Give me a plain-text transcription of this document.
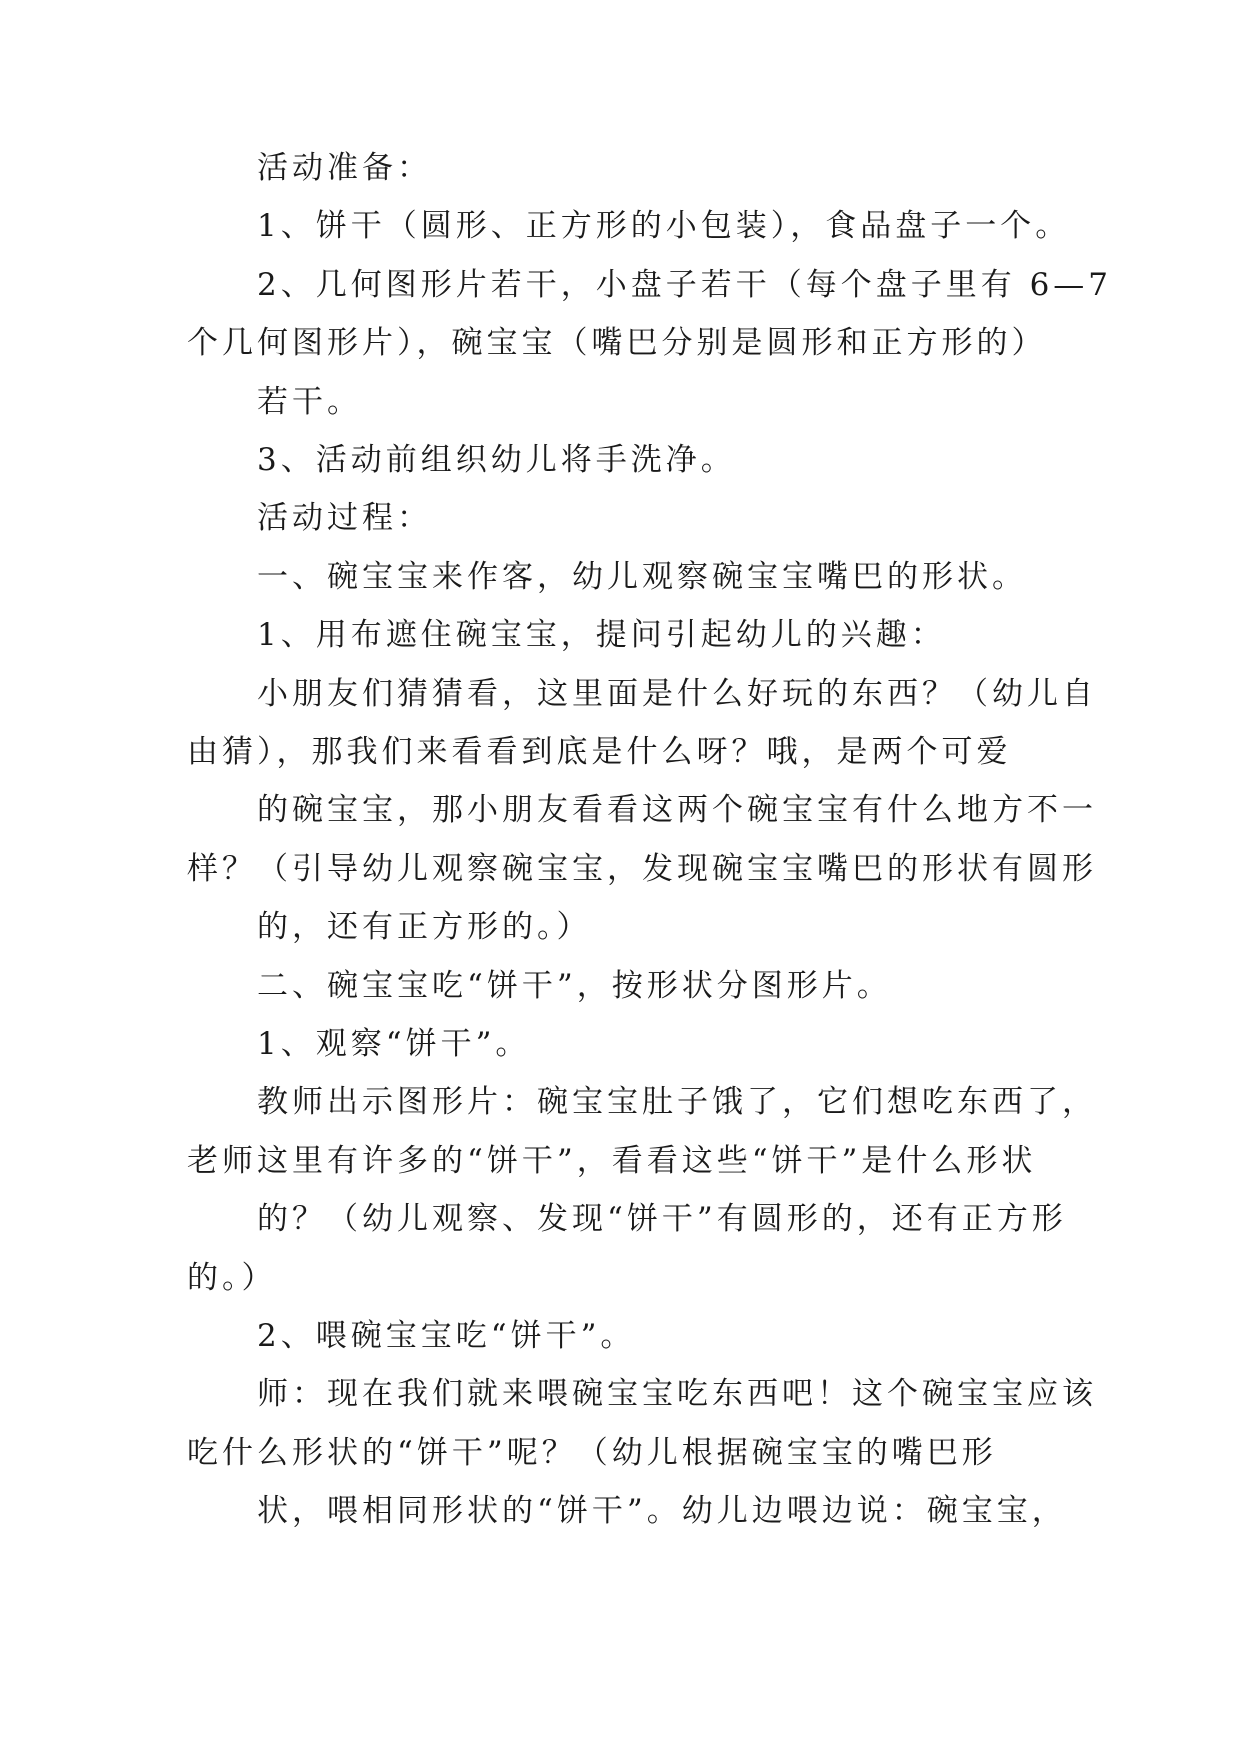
活动准备：
1、饼干（圆形、正方形的小包装），食品盘子一个。
2、几何图形片若干，小盘子若干（每个盘子里有 6—7
个几何图形片），碗宝宝（嘴巴分别是圆形和正方形的）
若干。
3、活动前组织幼儿将手洗净。
活动过程：
一、碗宝宝来作客，幼儿观察碗宝宝嘴巴的形状。
1、用布遮住碗宝宝，提问引起幼儿的兴趣：
小朋友们猜猜看，这里面是什么好玩的东西？（幼儿自
由猜），那我们来看看到底是什么呀？哦，是两个可爱
的碗宝宝，那小朋友看看这两个碗宝宝有什么地方不一
样？（引导幼儿观察碗宝宝，发现碗宝宝嘴巴的形状有圆形
的，还有正方形的。）
二、碗宝宝吃“饼干”，按形状分图形片。
1、观察“饼干”。
教师出示图形片：碗宝宝肚子饿了，它们想吃东西了，
老师这里有许多的“饼干”，看看这些“饼干”是什么形状
的？（幼儿观察、发现“饼干”有圆形的，还有正方形
的。）
2、喂碗宝宝吃“饼干”。
师：现在我们就来喂碗宝宝吃东西吧！这个碗宝宝应该
吃什么形状的“饼干”呢？（幼儿根据碗宝宝的嘴巴形
状，喂相同形状的“饼干”。幼儿边喂边说：碗宝宝，
